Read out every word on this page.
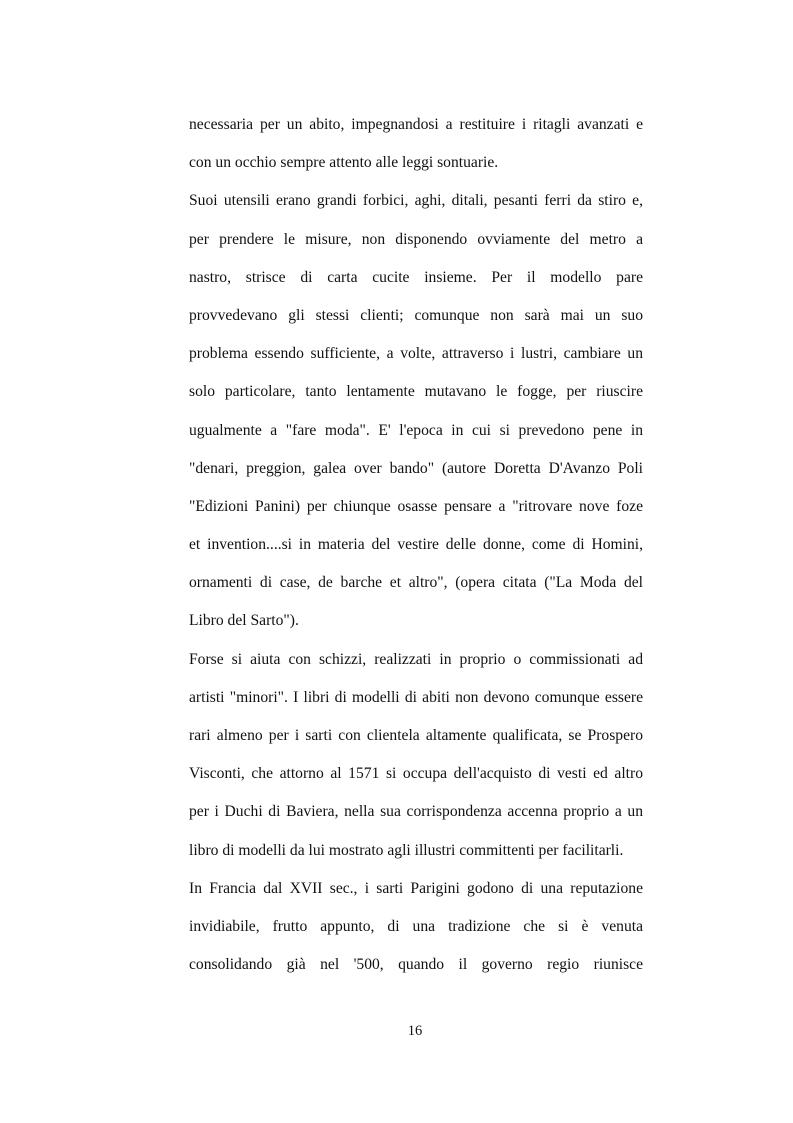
necessaria per un abito, impegnandosi a restituire i ritagli avanzati e
con un occhio sempre attento alle leggi sontuarie.
Suoi utensili erano grandi forbici, aghi, ditali, pesanti ferri da stiro e,
per prendere le misure, non disponendo ovviamente del metro a
nastro, strisce di carta cucite insieme. Per il modello pare
provvedevano gli stessi clienti; comunque non sarà mai un suo
problema essendo sufficiente, a volte, attraverso i lustri, cambiare un
solo particolare, tanto lentamente mutavano le fogge, per riuscire
ugualmente a "fare moda". E' l'epoca in cui si prevedono pene in
"denari, preggion, galea over bando" (autore Doretta D'Avanzo Poli
"Edizioni Panini) per chiunque osasse pensare a "ritrovare nove foze
et invention....si in materia del vestire delle donne, come di Homini,
ornamenti di case, de barche et altro", (opera citata ("La Moda del
Libro del Sarto").
Forse si aiuta con schizzi, realizzati in proprio o commissionati ad
artisti "minori". I libri di modelli di abiti non devono comunque essere
rari almeno per i sarti con clientela altamente qualificata, se Prospero
Visconti, che attorno al 1571 si occupa dell'acquisto di vesti ed altro
per i Duchi di Baviera, nella sua corrispondenza accenna proprio a un
libro di modelli da lui mostrato agli illustri committenti per facilitarli.
In Francia dal XVII sec., i sarti Parigini godono di una reputazione
invidiabile, frutto appunto, di una tradizione che si è venuta
consolidando già nel '500, quando il governo regio riunisce
16
